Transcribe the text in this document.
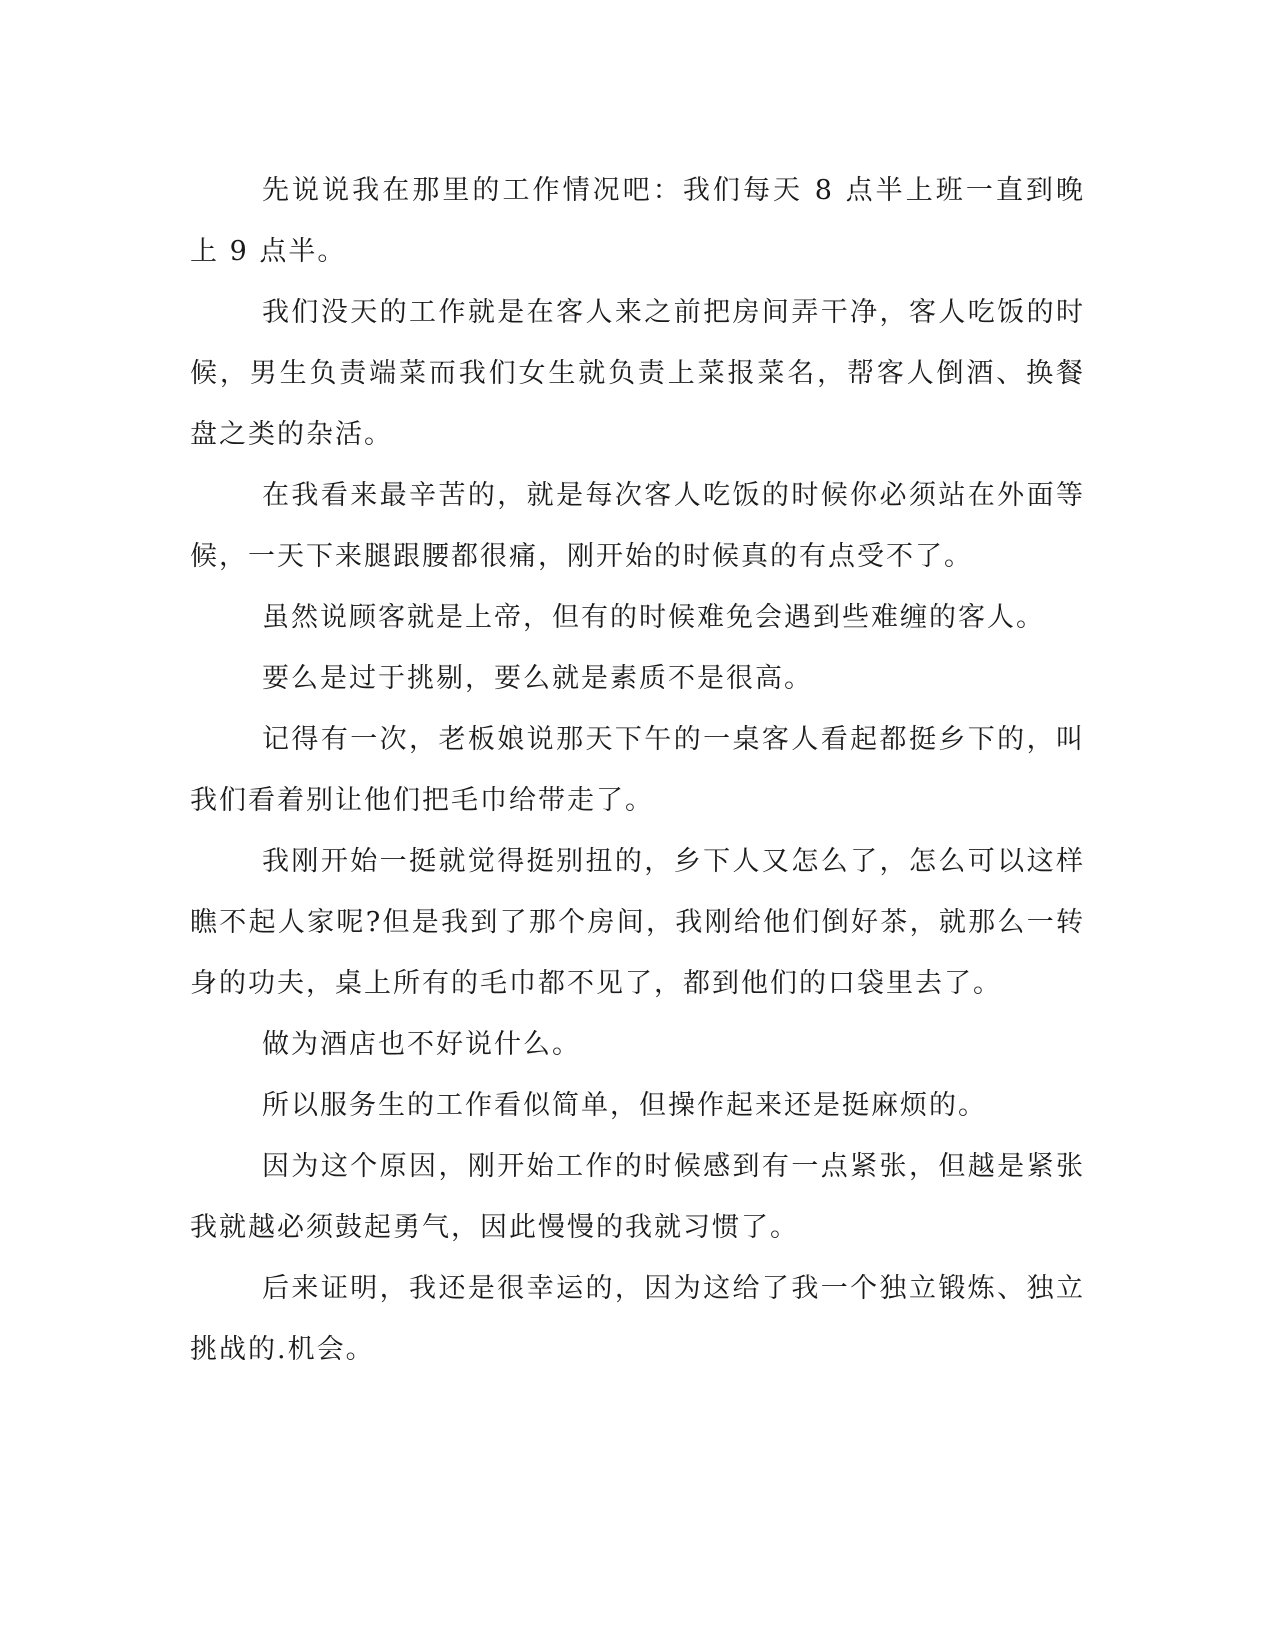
先说说我在那里的工作情况吧：我们每天 8 点半上班一直到晚上 9 点半。

我们没天的工作就是在客人来之前把房间弄干净，客人吃饭的时候，男生负责端菜而我们女生就负责上菜报菜名，帮客人倒酒、换餐盘之类的杂活。

在我看来最辛苦的，就是每次客人吃饭的时候你必须站在外面等候，一天下来腿跟腰都很痛，刚开始的时候真的有点受不了。

虽然说顾客就是上帝，但有的时候难免会遇到些难缠的客人。

要么是过于挑剔，要么就是素质不是很高。

记得有一次，老板娘说那天下午的一桌客人看起都挺乡下的，叫我们看着别让他们把毛巾给带走了。

我刚开始一挺就觉得挺别扭的，乡下人又怎么了，怎么可以这样瞧不起人家呢?但是我到了那个房间，我刚给他们倒好茶，就那么一转身的功夫，桌上所有的毛巾都不见了，都到他们的口袋里去了。

做为酒店也不好说什么。

所以服务生的工作看似简单，但操作起来还是挺麻烦的。

因为这个原因，刚开始工作的时候感到有一点紧张，但越是紧张我就越必须鼓起勇气，因此慢慢的我就习惯了。

后来证明，我还是很幸运的，因为这给了我一个独立锻炼、独立挑战的.机会。
